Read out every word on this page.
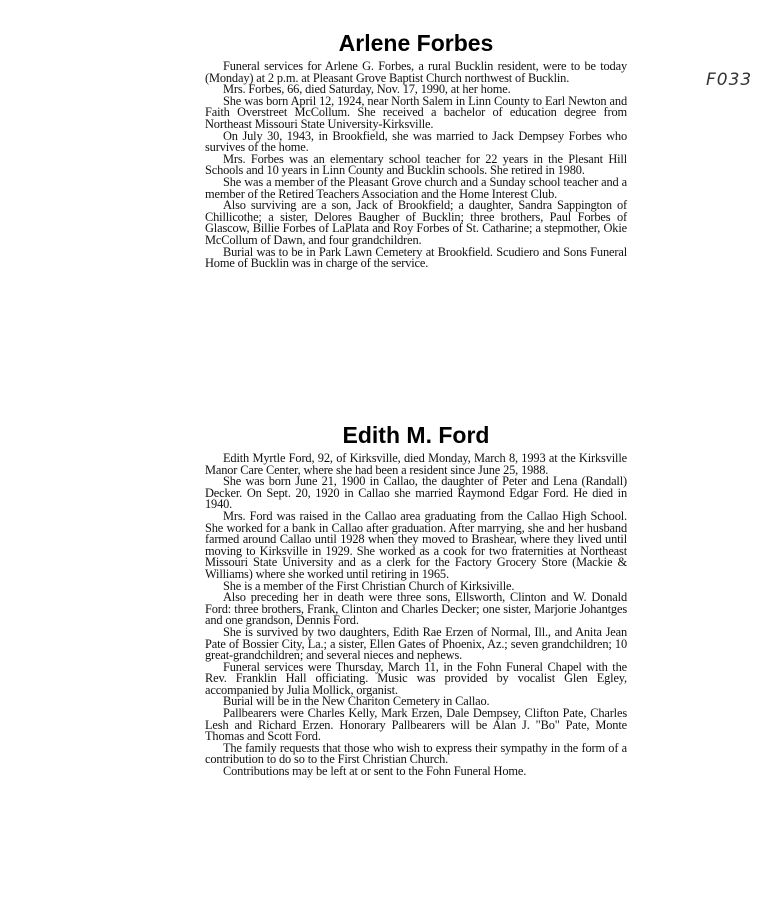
F033
Arlene Forbes

Funeral services for Arlene G. Forbes, a rural Bucklin resident, were to be today (Monday) at 2 p.m. at Pleasant Grove Baptist Church northwest of Bucklin.

Mrs. Forbes, 66, died Saturday, Nov. 17, 1990, at her home.

She was born April 12, 1924, near North Salem in Linn County to Earl Newton and Faith Overstreet McCollum. She received a bachelor of education degree from Northeast Missouri State University-Kirksville.

On July 30, 1943, in Brookfield, she was married to Jack Dempsey Forbes who survives of the home.

Mrs. Forbes was an elementary school teacher for 22 years in the Plesant Hill Schools and 10 years in Linn County and Bucklin schools. She retired in 1980.

She was a member of the Pleasant Grove church and a Sunday school teacher and a member of the Retired Teachers Association and the Home Interest Club.

Also surviving are a son, Jack of Brookfield; a daughter, Sandra Sappington of Chillicothe; a sister, Delores Baugher of Bucklin; three brothers, Paul Forbes of Glascow, Billie Forbes of LaPlata and Roy Forbes of St. Catharine; a stepmother, Okie McCollum of Dawn, and four grandchildren.

Burial was to be in Park Lawn Cemetery at Brookfield. Scudiero and Sons Funeral Home of Bucklin was in charge of the service.

Edith M. Ford

Edith Myrtle Ford, 92, of Kirksville, died Monday, March 8, 1993 at the Kirksville Manor Care Center, where she had been a resident since June 25, 1988.

She was born June 21, 1900 in Callao, the daughter of Peter and Lena (Randall) Decker. On Sept. 20, 1920 in Callao she married Raymond Edgar Ford. He died in 1940.

Mrs. Ford was raised in the Callao area graduating from the Callao High School. She worked for a bank in Callao after graduation. After marrying, she and her husband farmed around Callao until 1928 when they moved to Brashear, where they lived until moving to Kirksville in 1929. She worked as a cook for two fraternities at Northeast Missouri State University and as a clerk for the Factory Grocery Store (Mackie & Williams) where she worked until retiring in 1965.

She is a member of the First Christian Church of Kirksiville.

Also preceding her in death were three sons, Ellsworth, Clinton and W. Donald Ford: three brothers, Frank, Clinton and Charles Decker; one sister, Marjorie Johantges and one grandson, Dennis Ford.

She is survived by two daughters, Edith Rae Erzen of Normal, Ill., and Anita Jean Pate of Bossier City, La.; a sister, Ellen Gates of Phoenix, Az.; seven grandchildren; 10 great-grandchildren; and several nieces and nephews.

Funeral services were Thursday, March 11, in the Fohn Funeral Chapel with the Rev. Franklin Hall officiating. Music was provided by vocalist Glen Egley, accompanied by Julia Mollick, organist.

Burial will be in the New Chariton Cemetery in Callao.

Pallbearers were Charles Kelly, Mark Erzen, Dale Dempsey, Clifton Pate, Charles Lesh and Richard Erzen. Honorary Pallbearers will be Alan J. "Bo" Pate, Monte Thomas and Scott Ford.

The family requests that those who wish to express their sympathy in the form of a contribution to do so to the First Christian Church.

Contributions may be left at or sent to the Fohn Funeral Home.
